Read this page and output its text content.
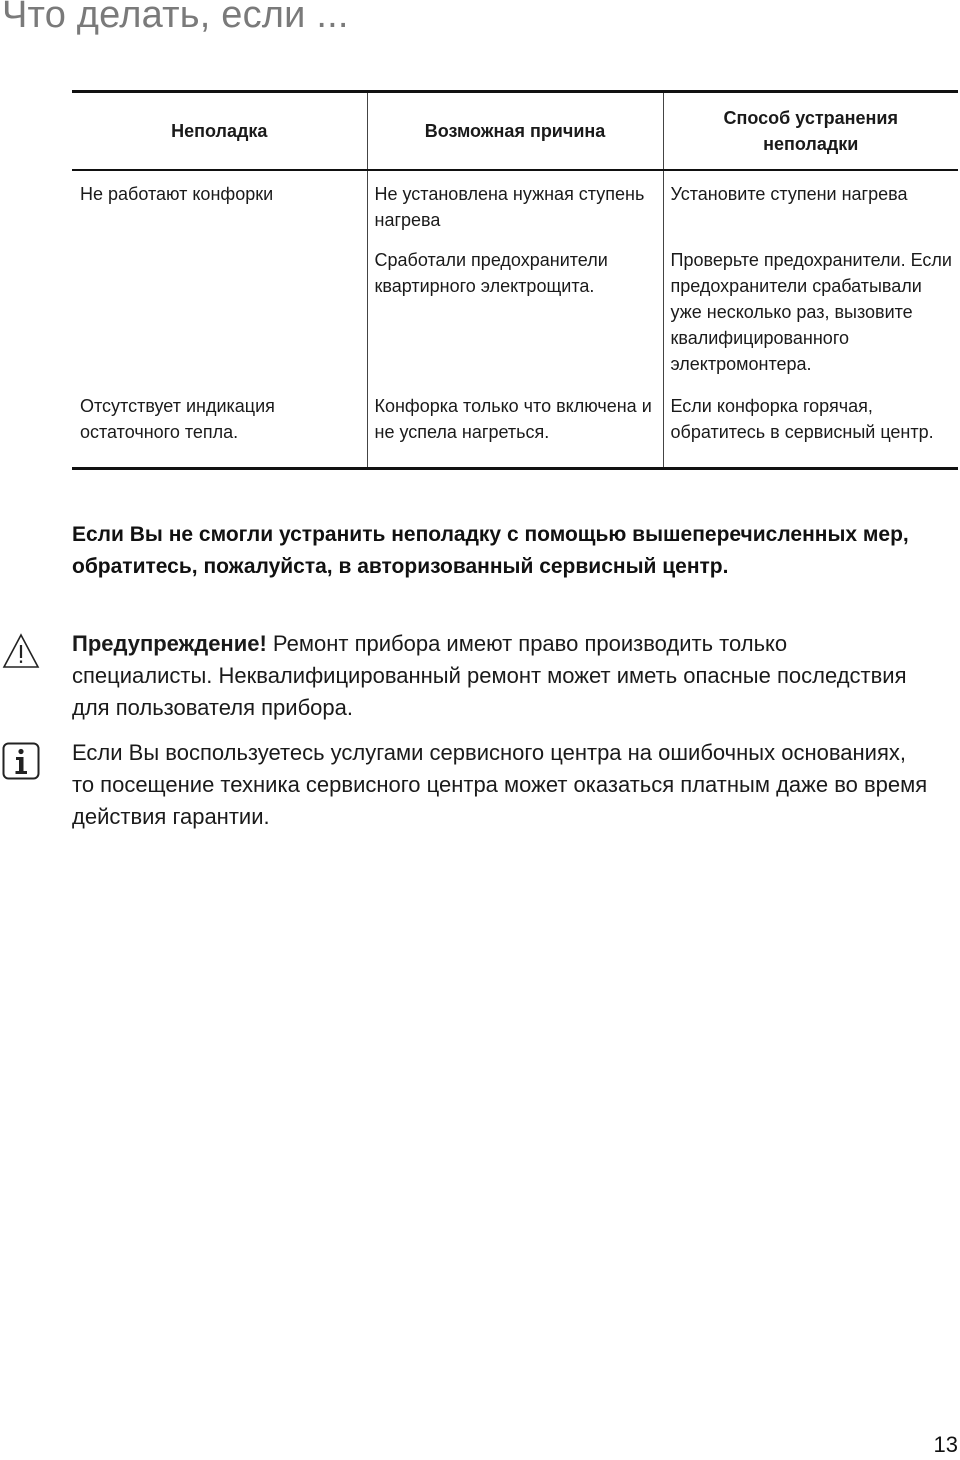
Что делать, если ...
Неполадка	Возможная причина	Способ устранения неполадки
Не работают конфорки	Не установлена нужная ступень нагрева	Установите ступени нагрева
	Сработали предохранители квартирного электрощита.	Проверьте предохранители. Если предохранители срабатывали уже несколько раз, вызовите квалифицированного электромонтера.
Отсутствует индикация остаточного тепла.	Конфорка только что включена и не успела нагреться.	Если конфорка горячая, обратитесь в сервисный центр.
Если Вы не смогли устранить неполадку с помощью вышеперечисленных мер, обратитесь, пожалуйста, в авторизованный сервисный центр.
Предупреждение! Ремонт прибора имеют право производить только специалисты. Неквалифицированный ремонт может иметь опасные последствия для пользователя прибора.
Если Вы воспользуетесь услугами сервисного центра на ошибочных основаниях, то посещение техника сервисного центра может оказаться платным даже во время действия гарантии.
13
